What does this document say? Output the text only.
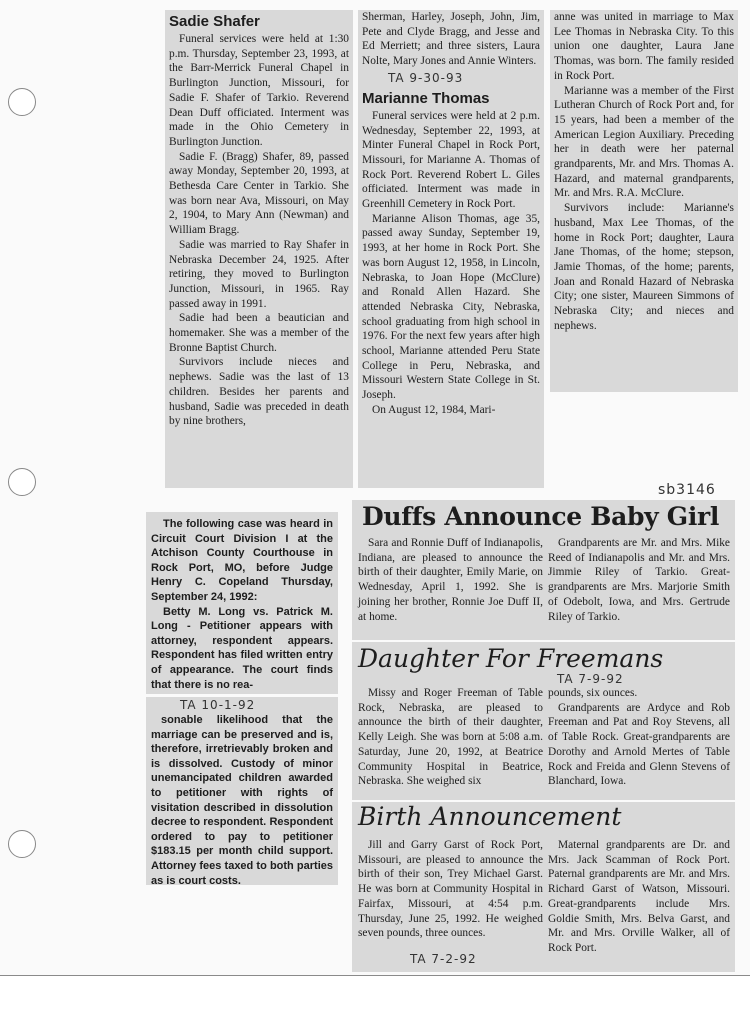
Sadie Shafer

Funeral services were held at 1:30 p.m. Thursday, September 23, 1993, at the Barr-Merrick Funeral Chapel in Burlington Junction, Missouri, for Sadie F. Shafer of Tarkio. Reverend Dean Duff officiated. Interment was made in the Ohio Cemetery in Burlington Junction.

Sadie F. (Bragg) Shafer, 89, passed away Monday, September 20, 1993, at Bethesda Care Center in Tarkio. She was born near Ava, Missouri, on May 2, 1904, to Mary Ann (Newman) and William Bragg.

Sadie was married to Ray Shafer in Nebraska December 24, 1925. After retiring, they moved to Burlington Junction, Missouri, in 1965. Ray passed away in 1991.

Sadie had been a beautician and homemaker. She was a member of the Bronne Baptist Church.

Survivors include nieces and nephews. Sadie was the last of 13 children. Besides her parents and husband, Sadie was preceded in death by nine brothers,

Sherman, Harley, Joseph, John, Jim, Pete and Clyde Bragg, and Jesse and Ed Merriett; and three sisters, Laura Nolte, Mary Jones and Annie Winters.

TA 9-30-93
Marianne Thomas

Funeral services were held at 2 p.m. Wednesday, September 22, 1993, at Minter Funeral Chapel in Rock Port, Missouri, for Marianne A. Thomas of Rock Port. Reverend Robert L. Giles officiated. Interment was made in Greenhill Cemetery in Rock Port.

Marianne Alison Thomas, age 35, passed away Sunday, September 19, 1993, at her home in Rock Port. She was born August 12, 1958, in Lincoln, Nebraska, to Joan Hope (McClure) and Ronald Allen Hazard. She attended Nebraska City, Nebraska, school graduating from high school in 1976. For the next few years after high school, Marianne attended Peru State College in Peru, Nebraska, and Missouri Western State College in St. Joseph.

On August 12, 1984, Mari-

anne was united in marriage to Max Lee Thomas in Nebraska City. To this union one daughter, Laura Jane Thomas, was born. The family resided in Rock Port.

Marianne was a member of the First Lutheran Church of Rock Port and, for 15 years, had been a member of the American Legion Auxiliary. Preceding her in death were her paternal grandparents, Mr. and Mrs. Thomas A. Hazard, and maternal grandparents, Mr. and Mrs. R.A. McClure.

Survivors include: Marianne's husband, Max Lee Thomas, of the home in Rock Port; daughter, Laura Jane Thomas, of the home; stepson, Jamie Thomas, of the home; parents, Joan and Ronald Hazard of Nebraska City; one sister, Maureen Simmons of Nebraska City; and nieces and nephews.

sb3146

The following case was heard in Circuit Court Division I at the Atchison County Courthouse in Rock Port, MO, before Judge Henry C. Copeland Thursday, September 24, 1992:

Betty M. Long vs. Patrick M. Long - Petitioner appears with attorney, respondent appears. Respondent has filed written entry of appearance. The court finds that there is no rea-

TA 10-1-92

sonable likelihood that the marriage can be preserved and is, therefore, irretrievably broken and is dissolved. Custody of minor unemancipated children awarded to petitioner with rights of visitation described in dissolution decree to respondent. Respondent ordered to pay to petitioner $183.15 per month child support. Attorney fees taxed to both parties as is court costs.

Duffs Announce Baby Girl

Sara and Ronnie Duff of Indianapolis, Indiana, are pleased to announce the birth of their daughter, Emily Marie, on Wednesday, April 1, 1992. She is joining her brother, Ronnie Joe Duff II, at home.

Grandparents are Mr. and Mrs. Mike Reed of Indianapolis and Mr. and Mrs. Jimmie Riley of Tarkio. Great-grandparents are Mrs. Marjorie Smith of Odebolt, Iowa, and Mrs. Gertrude Riley of Tarkio.

Daughter For Freemans
TA 7-9-92

Missy and Roger Freeman of Table Rock, Nebraska, are pleased to announce the birth of their daughter, Kelly Leigh. She was born at 5:08 a.m. Saturday, June 20, 1992, at Beatrice Community Hospital in Beatrice, Nebraska. She weighed six

pounds, six ounces.

Grandparents are Ardyce and Rob Freeman and Pat and Roy Stevens, all of Table Rock. Great-grandparents are Dorothy and Arnold Mertes of Table Rock and Freida and Glenn Stevens of Blanchard, Iowa.

Birth Announcement

Jill and Garry Garst of Rock Port, Missouri, are pleased to announce the birth of their son, Trey Michael Garst. He was born at Community Hospital in Fairfax, Missouri, at 4:54 p.m. Thursday, June 25, 1992. He weighed seven pounds, three ounces.

TA 7-2-92

Maternal grandparents are Dr. and Mrs. Jack Scamman of Rock Port. Paternal grandparents are Mr. and Mrs. Richard Garst of Watson, Missouri. Great-grandparents include Mrs. Goldie Smith, Mrs. Belva Garst, and Mr. and Mrs. Orville Walker, all of Rock Port.
